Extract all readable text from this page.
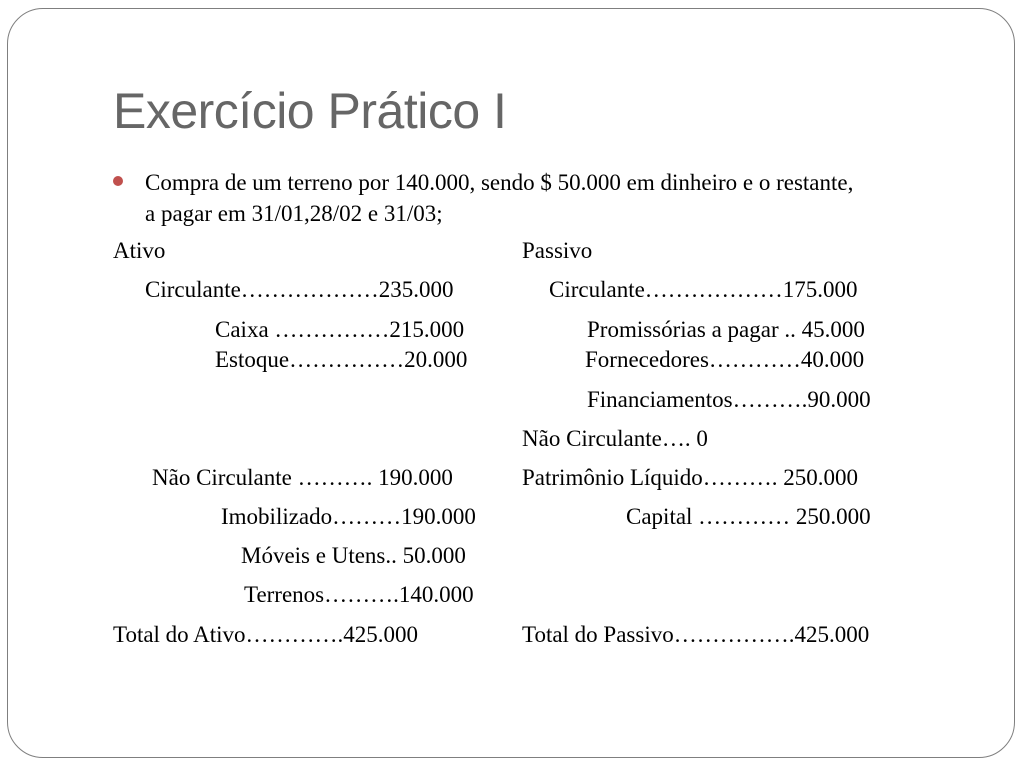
Exercício Prático I
Compra de um terreno por 140.000, sendo $ 50.000 em dinheiro e o restante,
a pagar em 31/01,28/02 e 31/03;
Ativo
Circulante………………235.000
Caixa ……………215.000
Estoque……………20.000
Não Circulante ………. 190.000
Imobilizado………190.000
Móveis e Utens.. 50.000
Terrenos……….140.000
Total do Ativo………….425.000
Passivo
Circulante………………175.000
Promissórias a pagar .. 45.000
Fornecedores…………40.000
Financiamentos……….90.000
Não Circulante…. 0
Patrimônio Líquido………. 250.000
Capital ………… 250.000
Total do Passivo…………….425.000
